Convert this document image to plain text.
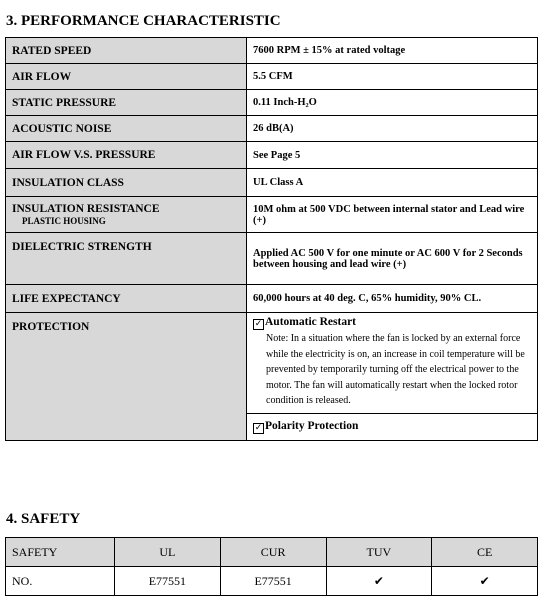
3. PERFORMANCE CHARACTERISTIC
RATED SPEED	7600 RPM ± 15% at rated voltage
AIR FLOW	5.5 CFM
STATIC PRESSURE	0.11 Inch-H₂O
ACOUSTIC NOISE	26 dB(A)
AIR FLOW V.S. PRESSURE	See Page 5
INSULATION CLASS	UL Class A
INSULATION RESISTANCE
PLASTIC HOUSING	10M ohm at 500 VDC between internal stator and Lead wire (+)
DIELECTRIC STRENGTH	Applied AC 500 V for one minute or AC 600 V for 2 Seconds between housing and lead wire (+)
LIFE EXPECTANCY	60,000 hours at 40 deg. C, 65% humidity, 90% CL.
PROTECTION	✓ Automatic Restart
Note: In a situation where the fan is locked by an external force while the electricity is on, an increase in coil temperature will be prevented by temporarily turning off the electrical power to the motor. The fan will automatically restart when the locked rotor condition is released.
✓ Polarity Protection
4. SAFETY
SAFETY	UL	CUR	TUV	CE
NO.	E77551	E77551	✔	✔
